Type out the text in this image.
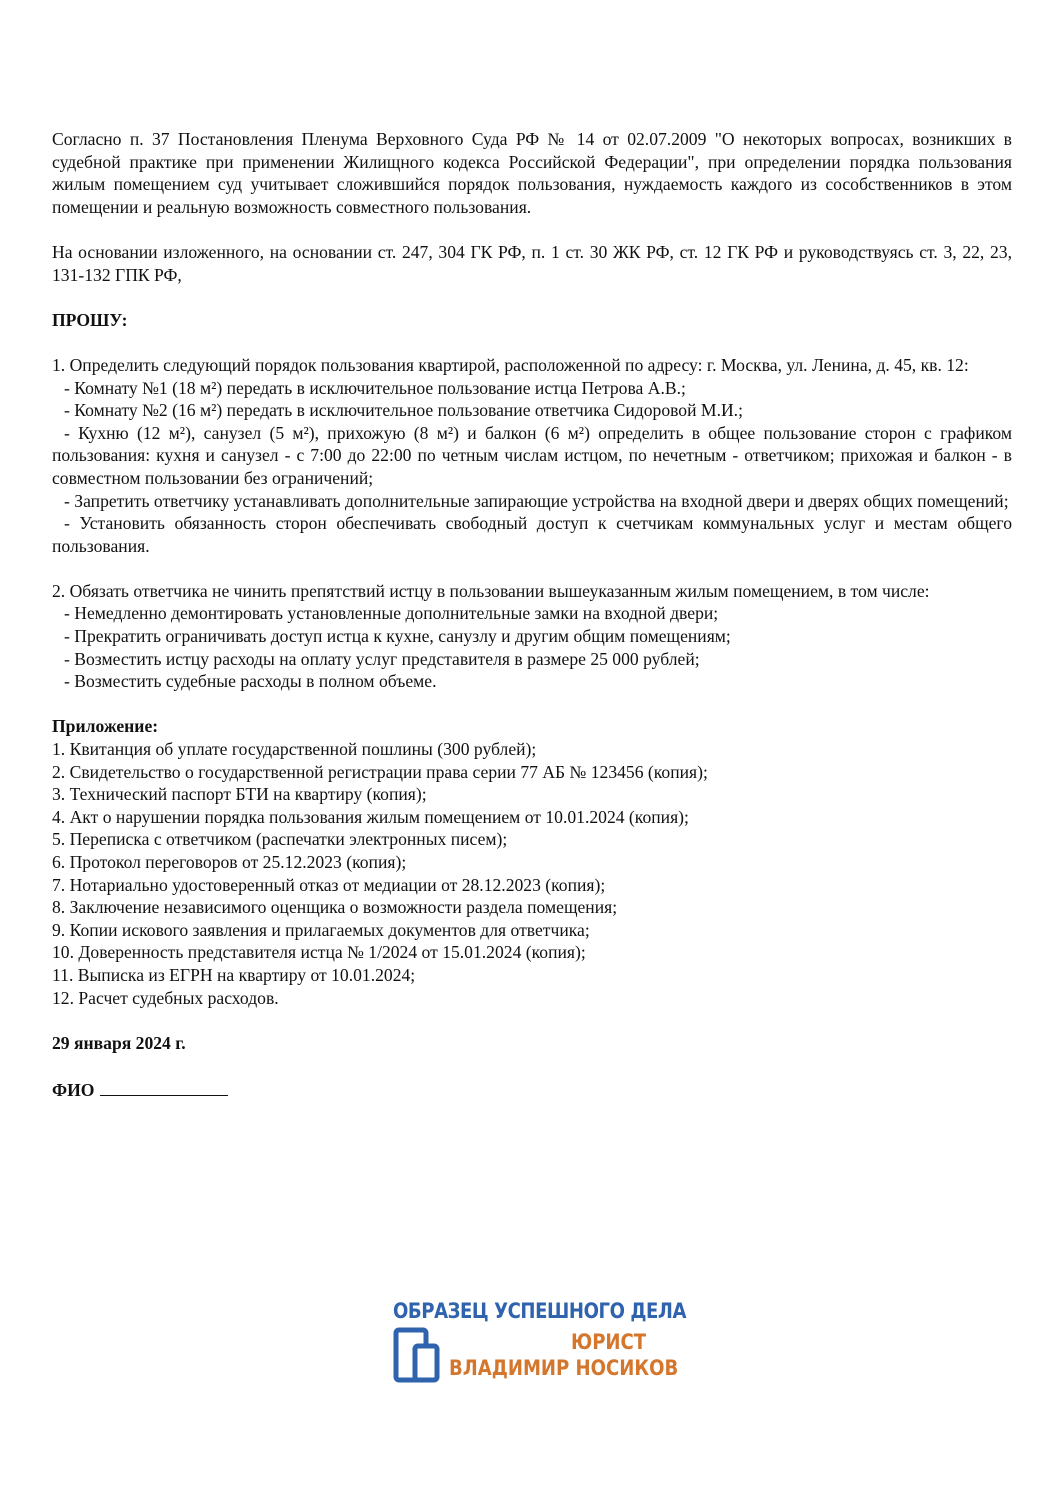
Согласно п. 37 Постановления Пленума Верховного Суда РФ № 14 от 02.07.2009 "О некоторых вопросах, возникших в судебной практике при применении Жилищного кодекса Российской Федерации", при определении порядка пользования жилым помещением суд учитывает сложившийся порядок пользования, нуждаемость каждого из сособственников в этом помещении и реальную возможность совместного пользования.

На основании изложенного, на основании ст. 247, 304 ГК РФ, п. 1 ст. 30 ЖК РФ, ст. 12 ГК РФ и руководствуясь ст. 3, 22, 23, 131-132 ГПК РФ,

ПРОШУ:

1. Определить следующий порядок пользования квартирой, расположенной по адресу: г. Москва, ул. Ленина, д. 45, кв. 12:

- Комнату №1 (18 м²) передать в исключительное пользование истца Петрова А.В.;

- Комнату №2 (16 м²) передать в исключительное пользование ответчика Сидоровой М.И.;

- Кухню (12 м²), санузел (5 м²), прихожую (8 м²) и балкон (6 м²) определить в общее пользование сторон с графиком пользования: кухня и санузел - с 7:00 до 22:00 по четным числам истцом, по нечетным - ответчиком; прихожая и балкон - в совместном пользовании без ограничений;

- Запретить ответчику устанавливать дополнительные запирающие устройства на входной двери и дверях общих помещений;

- Установить обязанность сторон обеспечивать свободный доступ к счетчикам коммунальных услуг и местам общего пользования.

2. Обязать ответчика не чинить препятствий истцу в пользовании вышеуказанным жилым помещением, в том числе:

- Немедленно демонтировать установленные дополнительные замки на входной двери;

- Прекратить ограничивать доступ истца к кухне, санузлу и другим общим помещениям;

- Возместить истцу расходы на оплату услуг представителя в размере 25 000 рублей;

- Возместить судебные расходы в полном объеме.

Приложение:

1. Квитанция об уплате государственной пошлины (300 рублей);

2. Свидетельство о государственной регистрации права серии 77 АБ № 123456 (копия);

3. Технический паспорт БТИ на квартиру (копия);

4. Акт о нарушении порядка пользования жилым помещением от 10.01.2024 (копия);

5. Переписка с ответчиком (распечатки электронных писем);

6. Протокол переговоров от 25.12.2023 (копия);

7. Нотариально удостоверенный отказ от медиации от 28.12.2023 (копия);

8. Заключение независимого оценщика о возможности раздела помещения;

9. Копии искового заявления и прилагаемых документов для ответчика;

10. Доверенность представителя истца № 1/2024 от 15.01.2024 (копия);

11. Выписка из ЕГРН на квартиру от 10.01.2024;

12. Расчет судебных расходов.

29 января 2024 г.

ФИО

ОБРАЗЕЦ УСПЕШНОГО ДЕЛА
ЮРИСТ
ВЛАДИМИР НОСИКОВ
